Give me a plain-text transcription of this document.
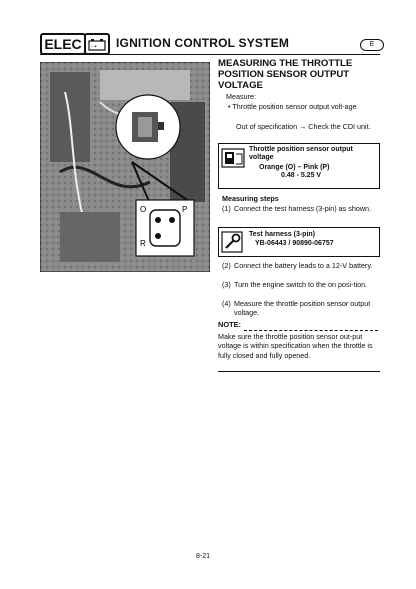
ELEC	- + IGNITION CONTROL SYSTEM	E
O	P
R
MEASURING THE THROTTLE
POSITION SENSOR OUTPUT
VOLTAGE
Measure:
• Throttle position sensor output volt-age
Out of specification → Check the CDI unit.
Throttle position sensor output
voltage
Orange (O) – Pink (P)
0.48 - 5.25 V
Measuring steps
(1) Connect the test harness (3-pin) as shown.
Test harness (3-pin)
YB-06443 / 90890-06757
(2) Connect the battery leads to a 12-V battery.
(3) Turn the engine switch to the on posi-tion.
(4) Measure the throttle position sensor output voltage.
NOTE:
Make sure the throttle position sensor out-put voltage is within specification when the throttle is fully closed and fully opened.
8-21
